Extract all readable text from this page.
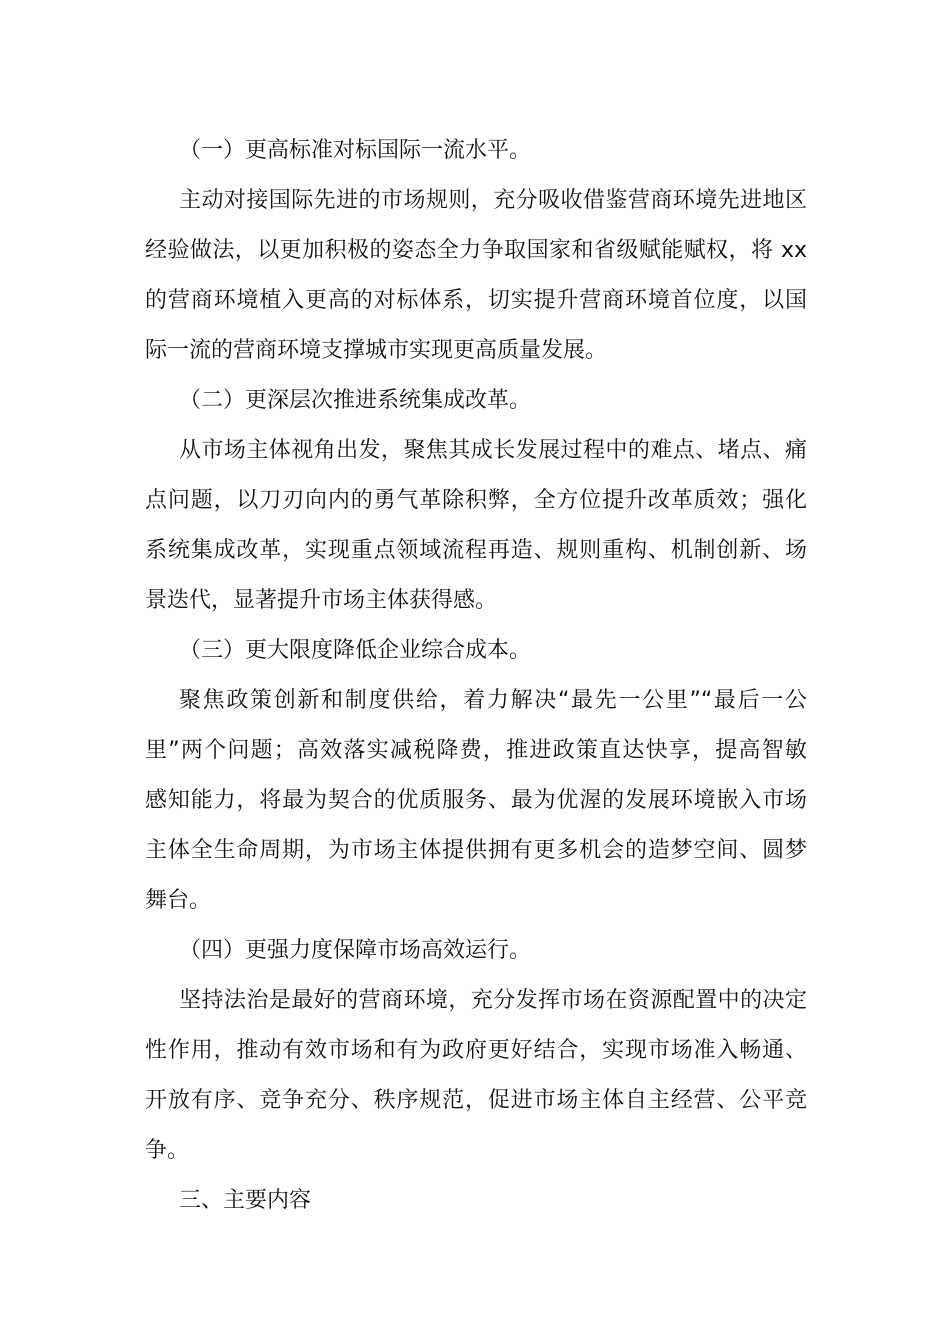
（一）更高标准对标国际一流水平。

主动对接国际先进的市场规则，充分吸收借鉴营商环境先进地区

经验做法，以更加积极的姿态全力争取国家和省级赋能赋权，将 xx

的营商环境植入更高的对标体系，切实提升营商环境首位度，以国

际一流的营商环境支撑城市实现更高质量发展。

（二）更深层次推进系统集成改革。

从市场主体视角出发，聚焦其成长发展过程中的难点、堵点、痛

点问题，以刀刃向内的勇气革除积弊，全方位提升改革质效；强化

系统集成改革，实现重点领域流程再造、规则重构、机制创新、场

景迭代，显著提升市场主体获得感。

（三）更大限度降低企业综合成本。

聚焦政策创新和制度供给，着力解决“最先一公里”“最后一公

里”两个问题；高效落实减税降费，推进政策直达快享，提高智敏

感知能力，将最为契合的优质服务、最为优渥的发展环境嵌入市场

主体全生命周期，为市场主体提供拥有更多机会的造梦空间、圆梦

舞台。

（四）更强力度保障市场高效运行。

坚持法治是最好的营商环境，充分发挥市场在资源配置中的决定

性作用，推动有效市场和有为政府更好结合，实现市场准入畅通、

开放有序、竞争充分、秩序规范，促进市场主体自主经营、公平竞

争。

三、主要内容
